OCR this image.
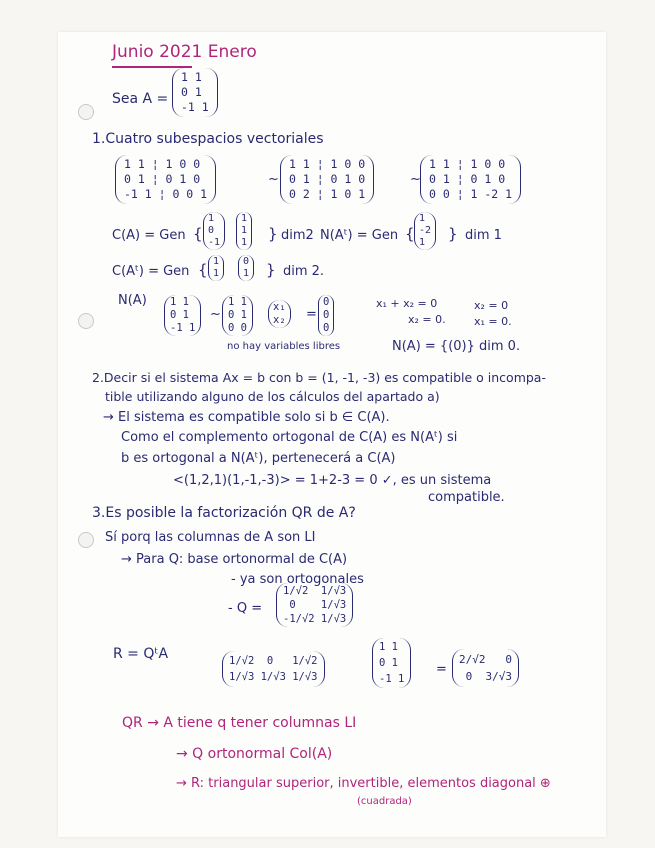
Junio 2021 Enero
Sea A =
1 1
0 1
-1 1
1.Cuatro subespacios vectoriales
1 1 ¦ 1 0 0
0 1 ¦ 0 1 0
-1 1 ¦ 0 0 1
~
1 1 ¦ 1 0 0
0 1 ¦ 0 1 0
0 2 ¦ 1 0 1
~
1 1 ¦ 1 0 0
0 1 ¦ 0 1 0
0 0 ¦ 1 -2 1
C(A) = Gen {
1
0
-1
1
1
1 } dim2 N(Aᵗ) = Gen {
1
-2
1	} dim 1
C(Aᵗ) = Gen { 1
1
0
1 } dim 2.
N(A) 1 1
0 1
-1 1
~
1 1
0 1
0 0
x₁
x₂ =
0
0
0
x₁ + x₂ = 0
x₂ = 0.
x₂ = 0
x₁ = 0.
no hay variables libres	N(A) = {(0)} dim 0.
2.Decir si el sistema Ax = b con b = (1, -1, -3) es compatible o incompa-
tible utilizando alguno de los cálculos del apartado a)
→ El sistema es compatible solo si b ∈ C(A).
Como el complemento ortogonal de C(A) es N(Aᵗ) si
b es ortogonal a N(Aᵗ), pertenecerá a C(A)
<(1,2,1)(1,-1,-3)> = 1+2-3 = 0 ✓, es un sistema
compatible.
3.Es posible la factorización QR de A?
Sí porq las columnas de A son LI
→ Para Q: base ortonormal de C(A)
- ya son ortogonales
- Q =
1/√2  1/√3
0    1/√3
-1/√2 1/√3
R = QᵗA	1/√2  0   1/√2
1/√3 1/√3 1/√3
1 1
0 1
-1 1
=
2/√2   0
0  3/√3
QR → A tiene q tener columnas LI
→ Q ortonormal Col(A)
→ R: triangular superior, invertible, elementos diagonal ⊕
(cuadrada)
